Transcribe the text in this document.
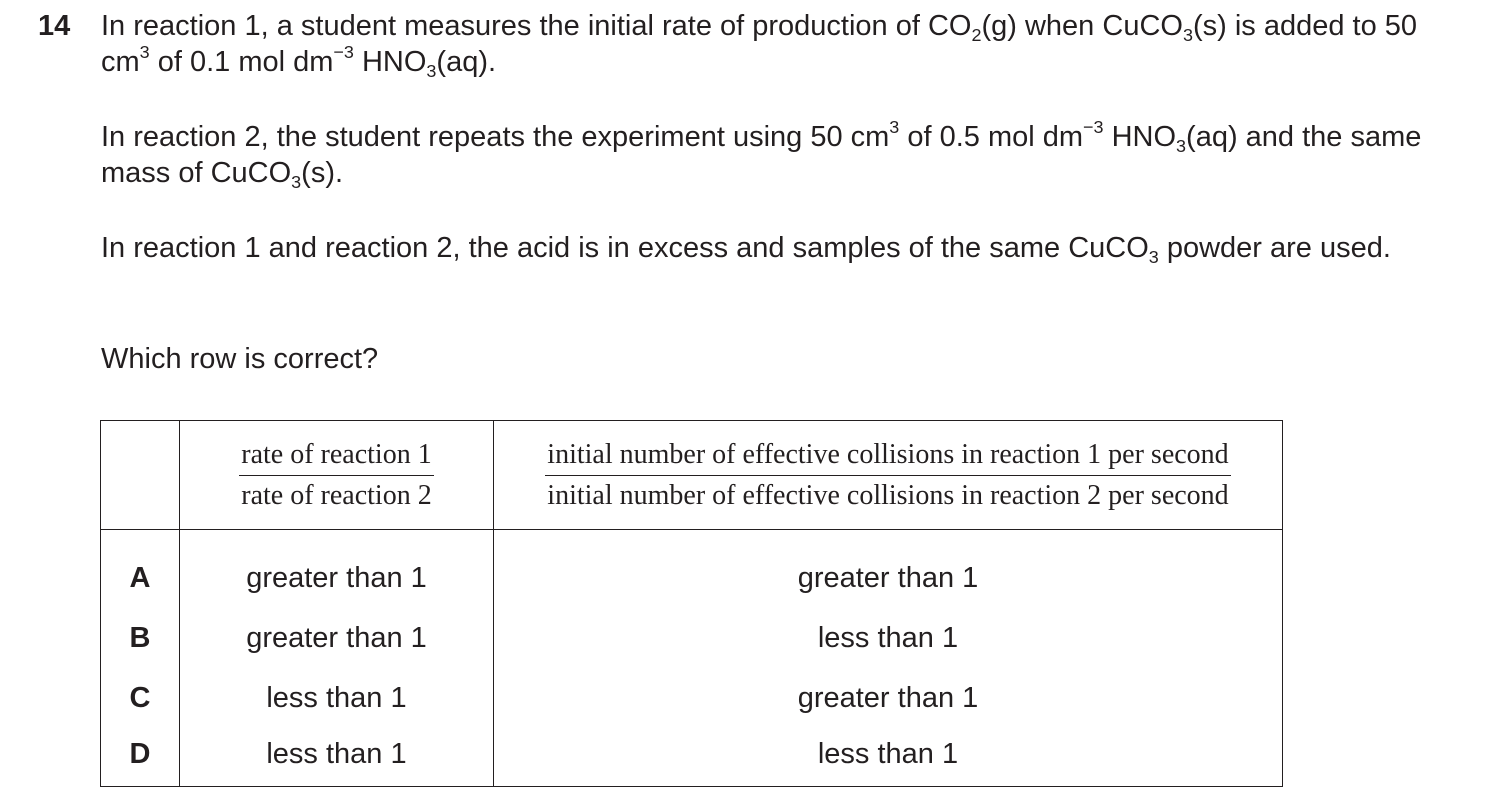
14 In reaction 1, a student measures the initial rate of production of $CO_2(g)$ when CuCO$_3$(s) is added to 50 $cm^3$ of 0.1 mol $dm^{-3}$ $HNO_3(aq)$.

In reaction 2, the student repeats the experiment using 50 $cm^3$ of 0.5 mol $dm^{-3}$ $HNO_3(aq)$ and the same mass of CuCO$_3$(s).

In reaction 1 and reaction 2, the acid is in excess and samples of the same CuCO$_3$ powder are used.

Which row is correct?

	$\frac{\text{rate of reaction 1}}{\text{rate of reaction 2}}$	initial number of effective collisions in reaction 1 per second
initial number of effective collisions in reaction 2 per second

A	greater than 1	greater than 1
B	greater than 1	less than 1
C	less than 1	greater than 1
D	less than 1	less than 1
